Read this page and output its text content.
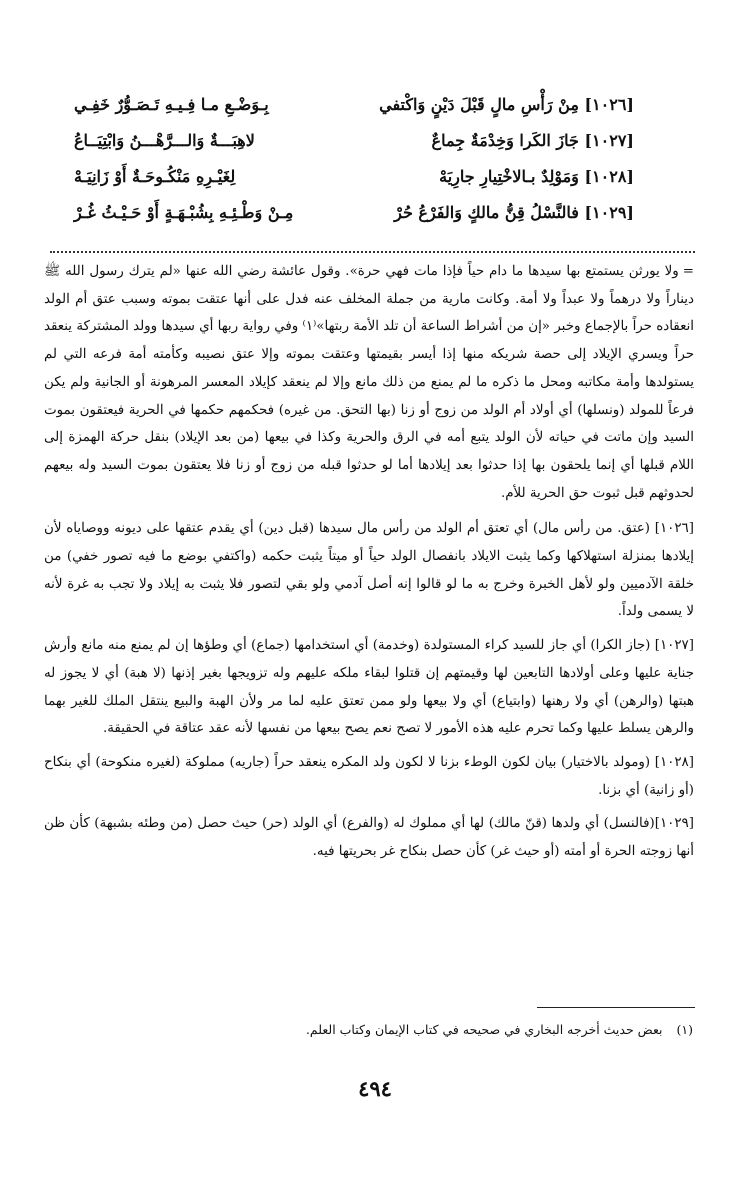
[١٠٢٦] مِنْ رَأْسِ مالٍ قَبْلَ دَيْنٍ وَاكْتفي
بِـوَضْـعِ مـا فِـيـهِ تَـصَـوُّرٌ خَفِـي
[١٠٢٧] جَازَ الكَرا وَخِدْمَةٌ جِماعٌ
لاهِبَـــةٌ وَالـــرَّهْـــنُ وَابْتِيَــاعُ
[١٠٢٨] وَمَوْلِدٌ بـالاخْتِيارِ جارِيَهْ
لِغَيْـرِهِ مَنْكُـوحَـةٌ أَوْ زَانِيَـهْ
[١٠٢٩] فالنَّسْلُ قِنُّ مالكٍ وَالفَرْعُ حُرْ
مِـنْ وَطْـئِـهِ بِشُبْـهَـةٍ أَوْ حَـيْـثُ غُـرْ

=ولا يورثن يستمتع بها سيدها ما دام حياً فإذا مات فهي حرة». وقول عائشة رضي الله عنها «لم يترك رسول الله ﷺ ديناراً ولا درهماً ولا عبداً ولا أمة. وكانت مارية من جملة المخلف عنه فدل على أنها عتقت بموته وسبب عتق أم الولد انعقاده حراً بالإجماع وخبر «إن من أشراط الساعة أن تلد الأمة ربتها»⁽١⁾ وفي رواية ربها أي سيدها وولد المشتركة ينعقد حراً ويسري الإيلاد إلى حصة شريكه منها إذا أيسر بقيمتها وعتقت بموته وإلا عتق نصيبه وكأمته أمة فرعه التي لم يستولدها وأمة مكاتبه ومحل ما ذكره ما لم يمنع من ذلك مانع وإلا لم ينعقد كإيلاد المعسر المرهونة أو الجانية ولم يكن فرعاً للمولد (ونسلها) أي أولاد أم الولد من زوج أو زنا (بها التحق. من غيره) فحكمهم حكمها في الحرية فيعتقون بموت السيد وإن ماتت في حياته لأن الولد يتبع أمه في الرق والحرية وكذا في بيعها (من بعد الإيلاد) بنقل حركة الهمزة إلى اللام قبلها أي إنما يلحقون بها إذا حدثوا بعد إيلادها أما لو حدثوا قبله من زوج أو زنا فلا يعتقون بموت السيد وله بيعهم لحدوثهم قبل ثبوت حق الحرية للأم.

[١٠٢٦] (عتق. من رأس مال) أي تعتق أم الولد من رأس مال سيدها (قبل دين) أي يقدم عتقها على ديونه ووصاياه لأن إيلادها بمنزلة استهلاكها وكما يثبت الايلاد بانفصال الولد حياً أو ميتاً يثبت حكمه (واكتفي بوضع ما فيه تصور خفي) من خلقة الآدميين ولو لأهل الخبرة وخرج به ما لو قالوا إنه أصل آدمي ولو بقي لتصور فلا يثبت به إيلاد ولا تجب به غرة لأنه لا يسمى ولداً.

[١٠٢٧] (جاز الكرا) أي جاز للسيد كراء المستولدة (وخدمة) أي استخدامها (جماع) أي وطؤها إن لم يمنع منه مانع وأرش جناية عليها وعلى أولادها التابعين لها وقيمتهم إن قتلوا لبقاء ملكه عليهم وله تزويجها بغير إذنها (لا هبة) أي لا يجوز له هبتها (والرهن) أي ولا رهنها (وابتياع) أي ولا بيعها ولو ممن تعتق عليه لما مر ولأن الهبة والبيع ينتقل الملك للغير بهما والرهن يسلط عليها وكما تحرم عليه هذه الأمور لا تصح نعم يصح بيعها من نفسها لأنه عقد عتاقة في الحقيقة.

[١٠٢٨] (ومولد بالاختيار) بيان لكون الوطء بزنا لا لكون ولد المكره ينعقد حراً (جاريه) مملوكة (لغيره منكوحة) أي بنكاح (أو زانية) أي بزنا.

[١٠٢٩](فالنسل) أي ولدها (قنّ مالك) لها أي مملوك له (والفرع) أي الولد (حر) حيث حصل (من وطئه بشبهة) كأن ظن أنها زوجته الحرة أو أمته (أو حيث غر) كأن حصل بنكاح غر بحريتها فيه.

(١)بعض حديث أخرجه البخاري في صحيحه في كتاب الإيمان وكتاب العلم.
٤٩٤
